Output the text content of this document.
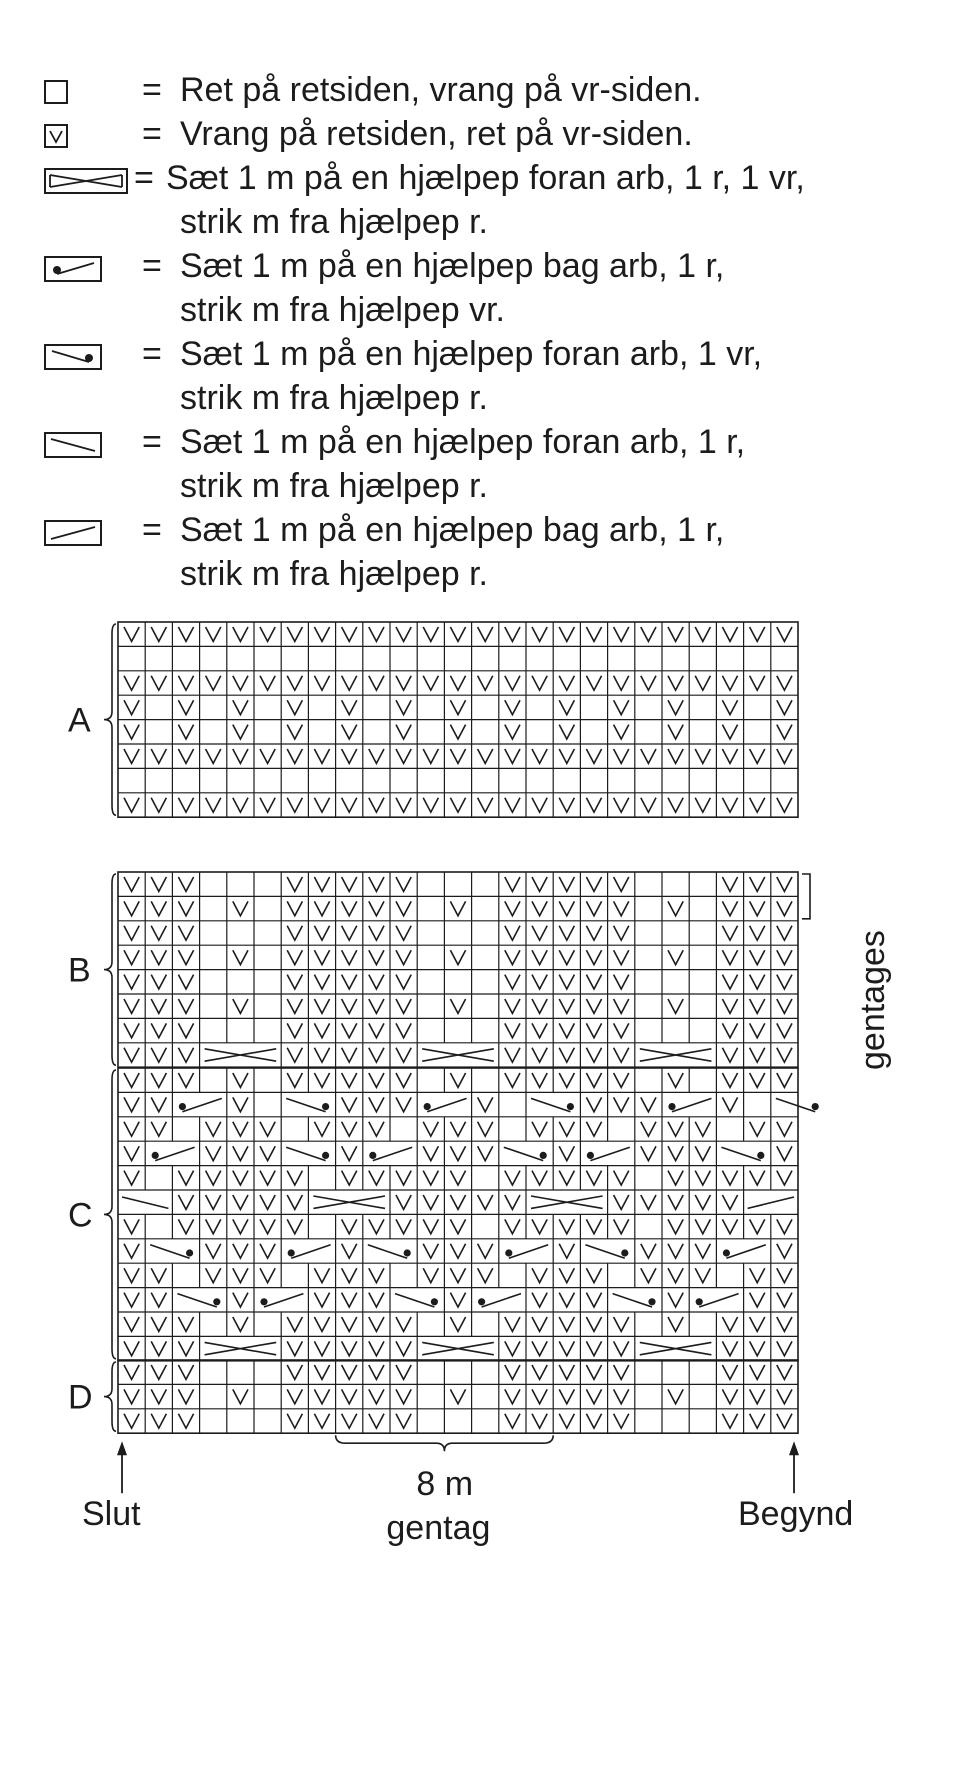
= Ret på retsiden, vrang på vr-siden.
= Vrang på retsiden, ret på vr-siden.
= Sæt 1 m på en hjælpep foran arb, 1 r, 1 vr,
strik m fra hjælpep r.
= Sæt 1 m på en hjælpep bag arb, 1 r,
strik m fra hjælpep vr.
= Sæt 1 m på en hjælpep foran arb, 1 vr,
strik m fra hjælpep r.
= Sæt 1 m på en hjælpep foran arb, 1 r,
strik m fra hjælpep r.
= Sæt 1 m på en hjælpep bag arb, 1 r,
strik m fra hjælpep r.
A
B
C
D
gentages
8 m
gentag
Slut	Begynd
